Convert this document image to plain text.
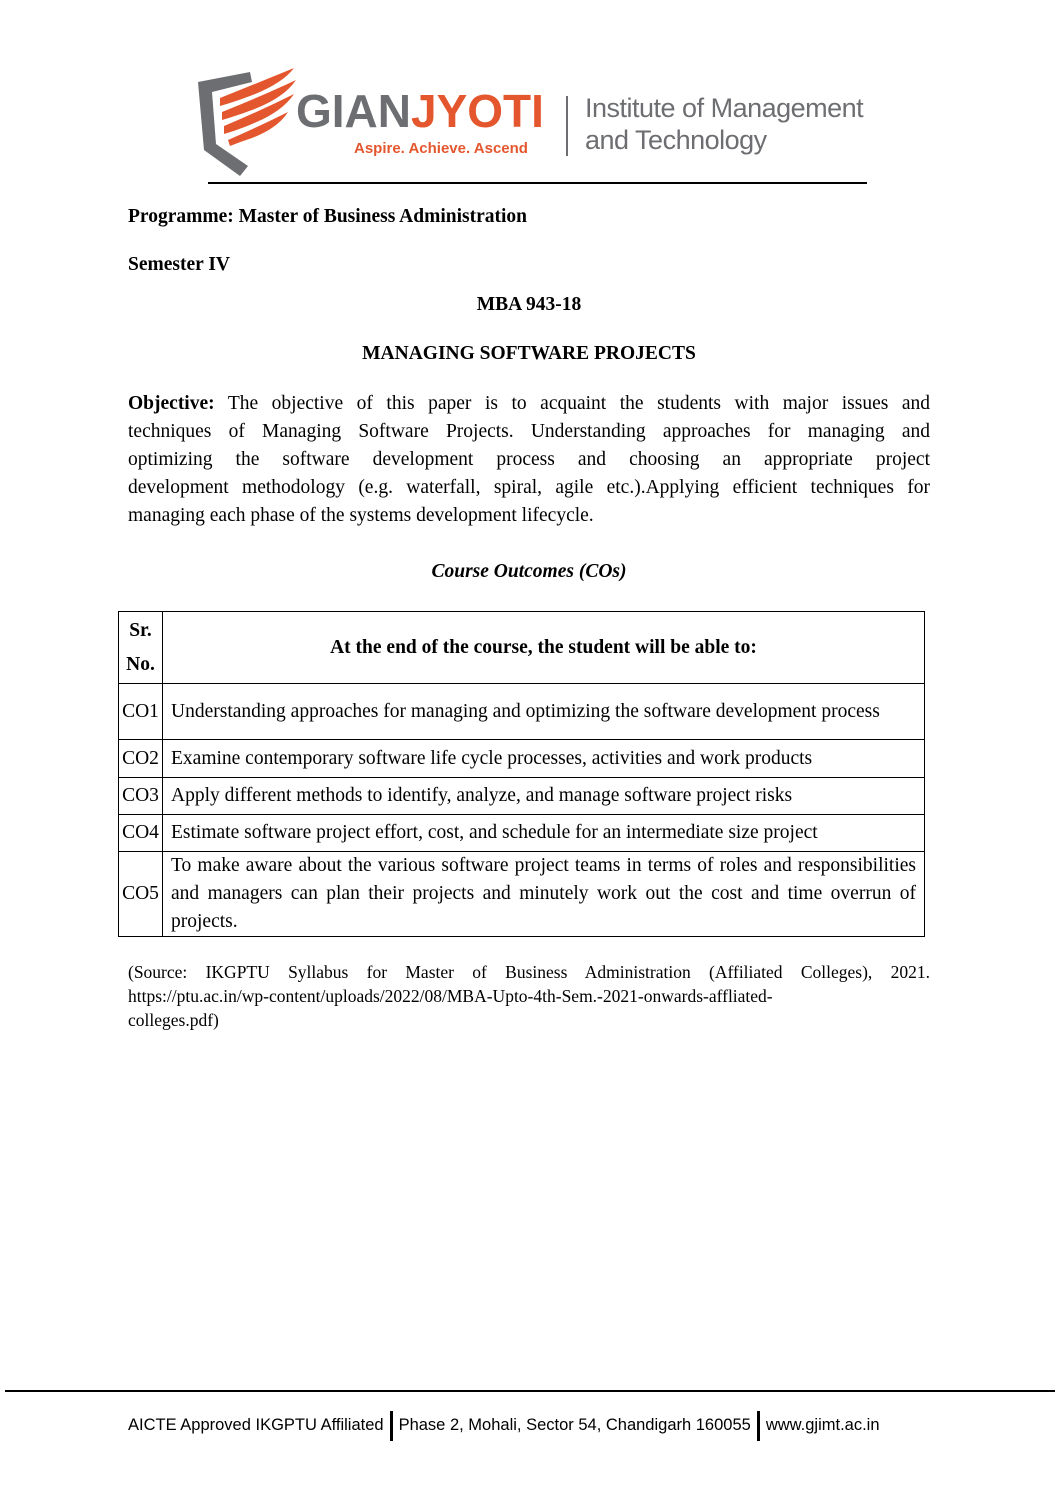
GIANJYOTI
Aspire. Achieve. Ascend
Institute of Management
and Technology
Programme: Master of Business Administration
Semester IV
MBA 943-18
MANAGING SOFTWARE PROJECTS
Objective: The objective of this paper is to acquaint the students with major issues and
techniques of Managing Software Projects. Understanding approaches for managing and
optimizing the software development process and choosing an appropriate project
development methodology (e.g. waterfall, spiral, agile etc.).Applying efficient techniques for
managing each phase of the systems development lifecycle.
Course Outcomes (COs)
Sr.
No.	At the end of the course, the student will be able to:
CO1	Understanding approaches for managing and optimizing the software development process
CO2	Examine contemporary software life cycle processes, activities and work products
CO3	Apply different methods to identify, analyze, and manage software project risks
CO4	Estimate software project effort, cost, and schedule for an intermediate size project
CO5	To make aware about the various software project teams in terms of roles and responsibilities and managers can plan their projects and minutely work out the cost and time overrun of projects.
(Source: IKGPTU Syllabus for Master of Business Administration (Affiliated Colleges), 2021.
https://ptu.ac.in/wp-content/uploads/2022/08/MBA-Upto-4th-Sem.-2021-onwards-affliated-
colleges.pdf)
AICTE Approved IKGPTU Affiliated Phase 2, Mohali, Sector 54, Chandigarh 160055 www.gjimt.ac.in
